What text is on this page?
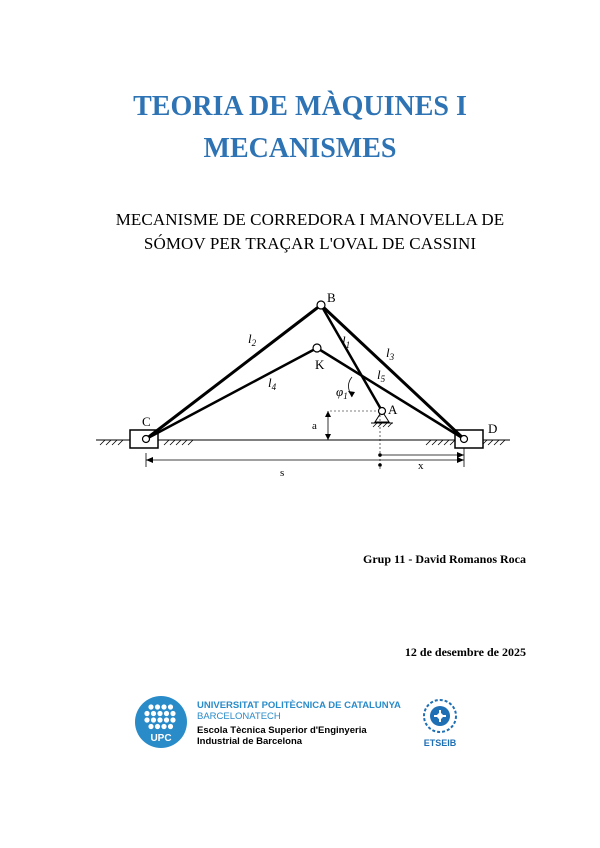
TEORIA DE MÀQUINES I
MECANISMES
MECANISME DE CORREDORA I MANOVELLA DE
SÓMOV PER TRAÇAR L'OVAL DE CASSINI
B
K
A
C	D
a
s
x
$l_2$
$l_4$
$l_1$	$l_3$
$l_5$
$\varphi_1$
Grup 11 - David Romanos Roca
12 de desembre de 2025
UPC
UNIVERSITAT POLITÈCNICA DE CATALUNYA
BARCELONATECH
Escola Tècnica Superior d'Enginyeria
Industrial de Barcelona	ETSEIB
